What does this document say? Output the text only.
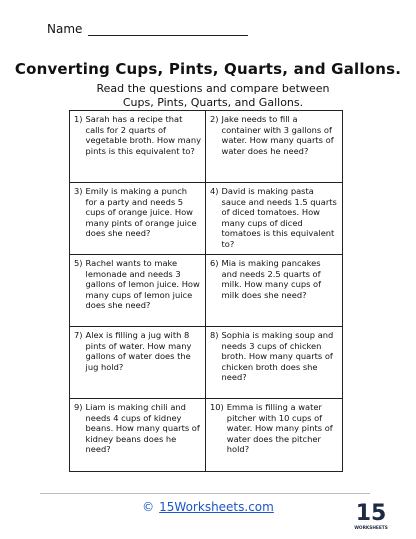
Name
Converting Cups, Pints, Quarts, and Gallons.
Read the questions and compare between Cups, Pints, Quarts, and Gallons.
1) Sarah has a recipe that calls for 2 quarts of vegetable broth. How many pints is this equivalent to?
2) Jake needs to fill a container with 3 gallons of water. How many quarts of water does he need?
3) Emily is making a punch for a party and needs 5 cups of orange juice. How many pints of orange juice does she need?
4) David is making pasta sauce and needs 1.5 quarts of diced tomatoes. How many cups of diced tomatoes is this equivalent to?
5) Rachel wants to make lemonade and needs 3 gallons of lemon juice. How many cups of lemon juice does she need?
6) Mia is making pancakes and needs 2.5 quarts of milk. How many cups of milk does she need?
7) Alex is filling a jug with 8 pints of water. How many gallons of water does the jug hold?
8) Sophia is making soup and needs 3 cups of chicken broth. How many quarts of chicken broth does she need?
9) Liam is making chili and needs 4 cups of kidney beans. How many quarts of kidney beans does he need?
10) Emma is filling a water pitcher with 10 cups of water. How many pints of water does the pitcher hold?
© 15Worksheets.com	15
WORKSHEETS
